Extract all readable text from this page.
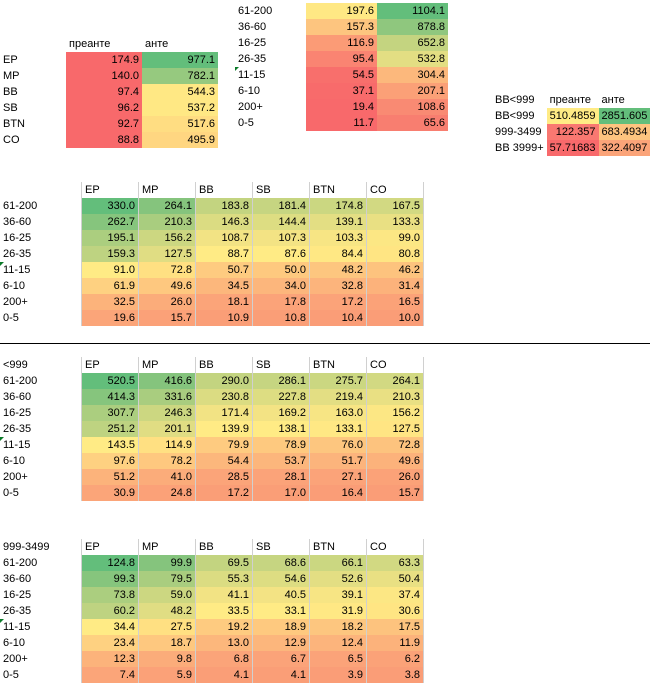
	преанте	анте
EP	174.9	977.1
MP	140.0	782.1
BB	97.4	544.3
SB	96.2	537.2
BTN	92.7	517.6
CO	88.8	495.9
61-200	197.6	1104.1
36-60	157.3	878.8
16-25	116.9	652.8
26-35	95.4	532.8
11-15	54.5	304.4
6-10	37.1	207.1
200+	19.4	108.6
0-5	11.7	65.6
BB<999	преанте	анте
BB<999	510.4859	2851.605
999-3499	122.357	683.4934
BB 3999+	57.71683	322.4097
	EP	MP	BB	SB	BTN	CO
61-200	330.0	264.1	183.8	181.4	174.8	167.5
36-60	262.7	210.3	146.3	144.4	139.1	133.3
16-25	195.1	156.2	108.7	107.3	103.3	99.0
26-35	159.3	127.5	88.7	87.6	84.4	80.8
11-15	91.0	72.8	50.7	50.0	48.2	46.2
6-10	61.9	49.6	34.5	34.0	32.8	31.4
200+	32.5	26.0	18.1	17.8	17.2	16.5
0-5	19.6	15.7	10.9	10.8	10.4	10.0
<999	EP	MP	BB	SB	BTN	CO
61-200	520.5	416.6	290.0	286.1	275.7	264.1
36-60	414.3	331.6	230.8	227.8	219.4	210.3
16-25	307.7	246.3	171.4	169.2	163.0	156.2
26-35	251.2	201.1	139.9	138.1	133.1	127.5
11-15	143.5	114.9	79.9	78.9	76.0	72.8
6-10	97.6	78.2	54.4	53.7	51.7	49.6
200+	51.2	41.0	28.5	28.1	27.1	26.0
0-5	30.9	24.8	17.2	17.0	16.4	15.7
999-3499	EP	MP	BB	SB	BTN	CO
61-200	124.8	99.9	69.5	68.6	66.1	63.3
36-60	99.3	79.5	55.3	54.6	52.6	50.4
16-25	73.8	59.0	41.1	40.5	39.1	37.4
26-35	60.2	48.2	33.5	33.1	31.9	30.6
11-15	34.4	27.5	19.2	18.9	18.2	17.5
6-10	23.4	18.7	13.0	12.9	12.4	11.9
200+	12.3	9.8	6.8	6.7	6.5	6.2
0-5	7.4	5.9	4.1	4.1	3.9	3.8
